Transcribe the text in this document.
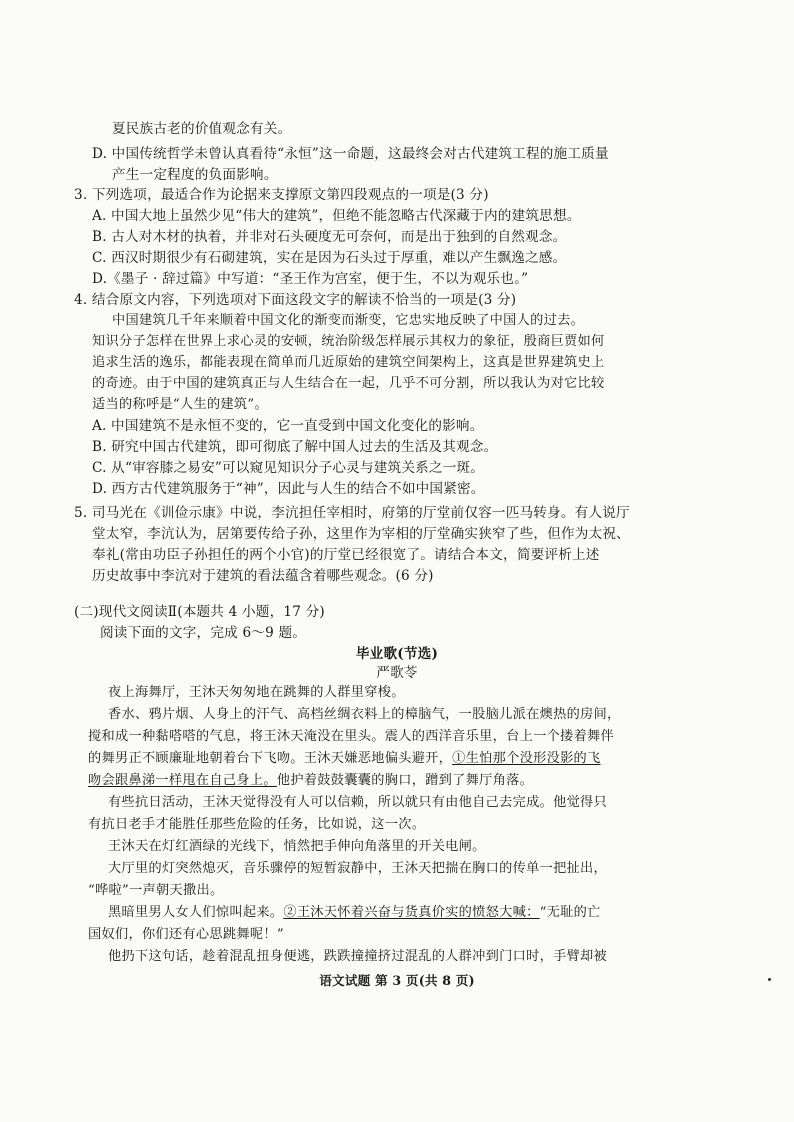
夏民族古老的价值观念有关。
D. 中国传统哲学未曾认真看待“永恒”这一命题，这最终会对古代建筑工程的施工质量
产生一定程度的负面影响。
3. 下列选项，最适合作为论据来支撑原文第四段观点的一项是(3 分)
A. 中国大地上虽然少见“伟大的建筑”，但绝不能忽略古代深藏于内的建筑思想。
B. 古人对木材的执着，并非对石头硬度无可奈何，而是出于独到的自然观念。
C. 西汉时期很少有石砌建筑，实在是因为石头过于厚重，难以产生飘逸之感。
D.《墨子 · 辞过篇》中写道：“圣王作为宫室，便于生，不以为观乐也。”
4. 结合原文内容，下列选项对下面这段文字的解读不恰当的一项是(3 分)
中国建筑几千年来顺着中国文化的渐变而渐变，它忠实地反映了中国人的过去。
知识分子怎样在世界上求心灵的安顿，统治阶级怎样展示其权力的象征，殷商巨贾如何
追求生活的逸乐，都能表现在简单而几近原始的建筑空间架构上，这真是世界建筑史上
的奇迹。由于中国的建筑真正与人生结合在一起，几乎不可分割，所以我认为对它比较
适当的称呼是“人生的建筑”。
A. 中国建筑不是永恒不变的，它一直受到中国文化变化的影响。
B. 研究中国古代建筑，即可彻底了解中国人过去的生活及其观念。
C. 从“审容膝之易安”可以窥见知识分子心灵与建筑关系之一斑。
D. 西方古代建筑服务于“神”，因此与人生的结合不如中国紧密。
5. 司马光在《训俭示康》中说，李沆担任宰相时，府第的厅堂前仅容一匹马转身。有人说厅
堂太窄，李沆认为，居第要传给子孙，这里作为宰相的厅堂确实狭窄了些，但作为太祝、
奉礼(常由功臣子孙担任的两个小官)的厅堂已经很宽了。请结合本文，简要评析上述
历史故事中李沆对于建筑的看法蕴含着哪些观念。(6 分)
(二)现代文阅读Ⅱ(本题共 4 小题，17 分)
阅读下面的文字，完成 6～9 题。
毕业歌(节选)
严歌苓
夜上海舞厅，王沐天匆匆地在跳舞的人群里穿梭。
香水、鸦片烟、人身上的汗气、高档丝绸衣料上的樟脑气，一股脑儿派在燠热的房间，
搅和成一种黏嗒嗒的气息，将王沐天淹没在里头。震人的西洋音乐里，台上一个搂着舞伴
的舞男正不顾廉耻地朝着台下飞吻。王沐天嫌恶地偏头避开，①生怕那个没形没影的飞
吻会跟鼻涕一样甩在自己身上。他护着鼓鼓囊囊的胸口，蹭到了舞厅角落。
有些抗日活动，王沐天觉得没有人可以信赖，所以就只有由他自己去完成。他觉得只
有抗日老手才能胜任那些危险的任务，比如说，这一次。
王沐天在灯红酒绿的光线下，悄然把手伸向角落里的开关电闸。
大厅里的灯突然熄灭，音乐骤停的短暂寂静中，王沐天把揣在胸口的传单一把扯出，
“哗啦”一声朝天撒出。
黑暗里男人女人们惊叫起来。②王沐天怀着兴奋与货真价实的愤怒大喊：“无耻的亡
国奴们，你们还有心思跳舞呢！”
他扔下这句话，趁着混乱扭身便逃，跌跌撞撞挤过混乱的人群冲到门口时，手臂却被
语文试题 第 3 页(共 8 页)
